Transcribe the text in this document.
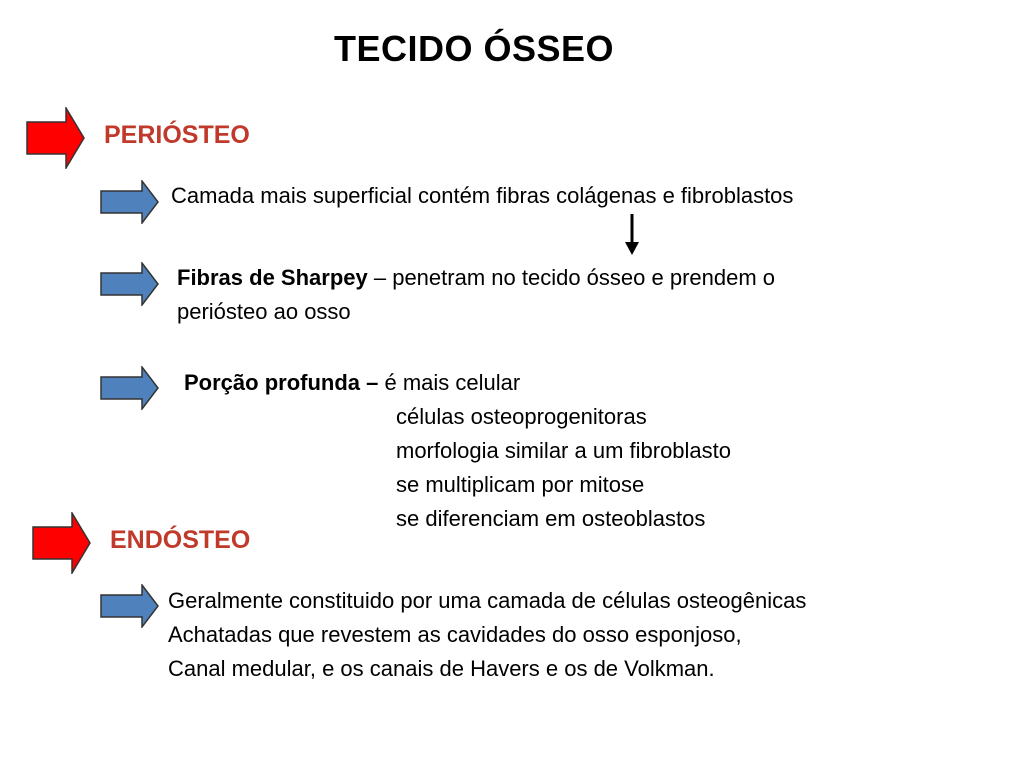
TECIDO ÓSSEO
PERIÓSTEO
Camada mais superficial contém fibras colágenas e fibroblastos
Fibras de Sharpey – penetram no tecido ósseo e prendem o
periósteo ao osso
Porção profunda – é mais celular
células osteoprogenitoras
morfologia similar a um fibroblasto
se multiplicam por mitose
se diferenciam em osteoblastos
ENDÓSTEO
Geralmente constituido por uma camada de células osteogênicas
Achatadas que revestem as cavidades do osso esponjoso,
Canal medular, e os canais de Havers e os de Volkman.
